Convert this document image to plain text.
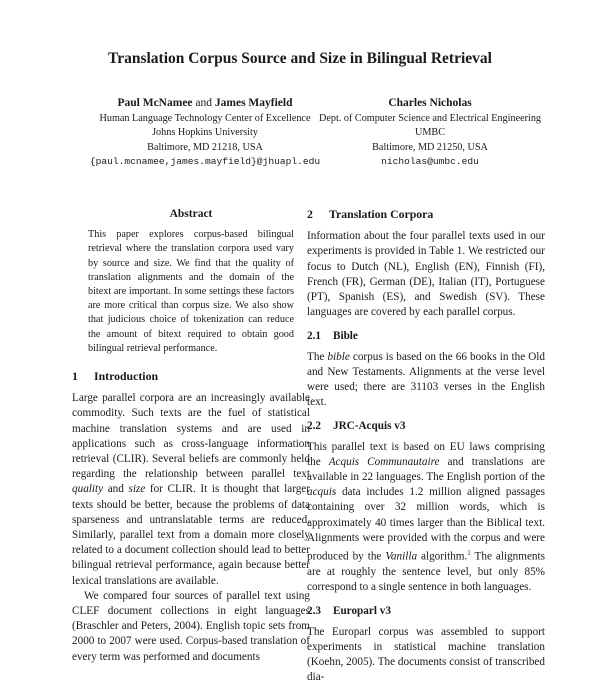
Translation Corpus Source and Size in Bilingual Retrieval
Paul McNamee and James Mayfield
Human Language Technology Center of Excellence
Johns Hopkins University
Baltimore, MD 21218, USA
{paul.mcnamee,james.mayfield}@jhuapl.edu
Charles Nicholas
Dept. of Computer Science and Electrical Engineering
UMBC
Baltimore, MD 21250, USA
nicholas@umbc.edu
Abstract

This paper explores corpus-based bilingual retrieval where the translation corpora used vary by source and size. We find that the quality of translation alignments and the domain of the bitext are important. In some settings these factors are more critical than corpus size. We also show that judicious choice of tokenization can reduce the amount of bitext required to obtain good bilingual retrieval performance.

1 Introduction

Large parallel corpora are an increasingly available commodity. Such texts are the fuel of statistical machine translation systems and are used in applications such as cross-language information retrieval (CLIR). Several beliefs are commonly held regarding the relationship between parallel text quality and size for CLIR. It is thought that larger texts should be better, because the problems of data sparseness and untranslatable terms are reduced. Similarly, parallel text from a domain more closely related to a document collection should lead to better bilingual retrieval performance, again because better lexical translations are available.

We compared four sources of parallel text using CLEF document collections in eight languages (Braschler and Peters, 2004). English topic sets from 2000 to 2007 were used. Corpus-based translation of every term was performed and documents

2 Translation Corpora

Information about the four parallel texts used in our experiments is provided in Table 1. We restricted our focus to Dutch (NL), English (EN), Finnish (FI), French (FR), German (DE), Italian (IT), Portuguese (PT), Spanish (ES), and Swedish (SV). These languages are covered by each parallel corpus.

2.1 Bible

The bible corpus is based on the 66 books in the Old and New Testaments. Alignments at the verse level were used; there are 31103 verses in the English text.

2.2 JRC-Acquis v3

This parallel text is based on EU laws comprising the Acquis Communautaire and translations are available in 22 languages. The English portion of the acquis data includes 1.2 million aligned passages containing over 32 million words, which is approximately 40 times larger than the Biblical text. Alignments were provided with the corpus and were produced by the Vanilla algorithm.$^1$ The alignments are at roughly the sentence level, but only 85% correspond to a single sentence in both languages.

2.3 Europarl v3

The Europarl corpus was assembled to support experiments in statistical machine translation (Koehn, 2005). The documents consist of transcribed dia-
